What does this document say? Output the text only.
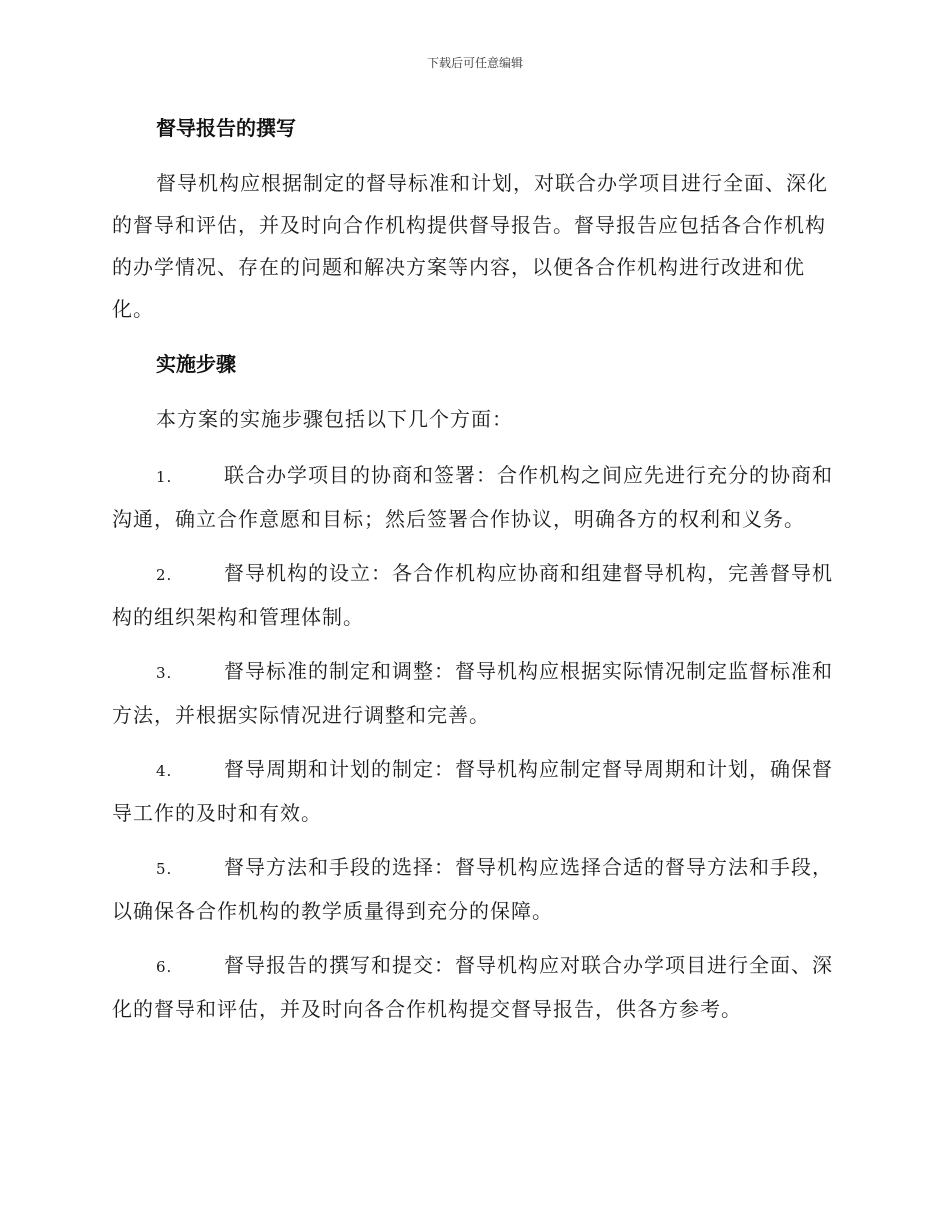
下载后可任意编辑
督导报告的撰写

督导机构应根据制定的督导标准和计划，对联合办学项目进行全面、深化的督导和评估，并及时向合作机构提供督导报告。督导报告应包括各合作机构的办学情况、存在的问题和解决方案等内容，以便各合作机构进行改进和优化。

实施步骤

本方案的实施步骤包括以下几个方面：

1.	联合办学项目的协商和签署：合作机构之间应先进行充分的协商和沟通，确立合作意愿和目标；然后签署合作协议，明确各方的权利和义务。
2.	督导机构的设立：各合作机构应协商和组建督导机构，完善督导机构的组织架构和管理体制。
3.	督导标准的制定和调整：督导机构应根据实际情况制定监督标准和方法，并根据实际情况进行调整和完善。
4.	督导周期和计划的制定：督导机构应制定督导周期和计划，确保督导工作的及时和有效。
5.	督导方法和手段的选择：督导机构应选择合适的督导方法和手段，以确保各合作机构的教学质量得到充分的保障。
6.	督导报告的撰写和提交：督导机构应对联合办学项目进行全面、深化的督导和评估，并及时向各合作机构提交督导报告，供各方参考。
